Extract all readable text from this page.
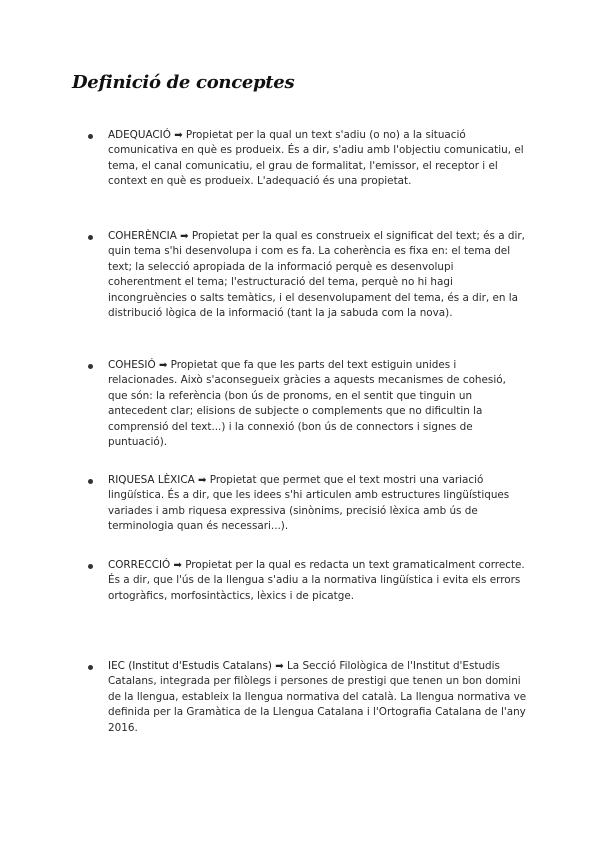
Definició de conceptes

ADEQUACIÓ ➡ Propietat per la qual un text s'adiu (o no) a la situació comunicativa en què es produeix. És a dir, s'adiu amb l'objectiu comunicatiu, el tema, el canal comunicatiu, el grau de formalitat, l'emissor, el receptor i el context en què es produeix. L'adequació és una propietat.

COHERÈNCIA ➡ Propietat per la qual es construeix el significat del text; és a dir, quin tema s'hi desenvolupa i com es fa. La coherència es fixa en: el tema del text; la selecció apropiada de la informació perquè es desenvolupi coherentment el tema; l'estructuració del tema, perquè no hi hagi incongruències o salts temàtics, i el desenvolupament del tema, és a dir, en la distribució lògica de la informació (tant la ja sabuda com la nova).

COHESIÓ ➡ Propietat que fa que les parts del text estiguin unides i relacionades. Això s'aconsegueix gràcies a aquests mecanismes de cohesió, que són: la referència (bon ús de pronoms, en el sentit que tinguin un antecedent clar; elisions de subjecte o complements que no dificultin la comprensió del text...) i la connexió (bon ús de connectors i signes de puntuació).

RIQUESA LÈXICA ➡ Propietat que permet que el text mostri una variació lingüística. És a dir, que les idees s'hi articulen amb estructures lingüístiques variades i amb riquesa expressiva (sinònims, precisió lèxica amb ús de terminologia quan és necessari...).

CORRECCIÓ ➡ Propietat per la qual es redacta un text gramaticalment correcte. És a dir, que l'ús de la llengua s'adiu a la normativa lingüística i evita els errors ortogràfics, morfosintàctics, lèxics i de picatge.

IEC (Institut d'Estudis Catalans) ➡ La Secció Filològica de l'Institut d'Estudis Catalans, integrada per filòlegs i persones de prestigi que tenen un bon domini de la llengua, estableix la llengua normativa del català. La llengua normativa ve definida per la Gramàtica de la Llengua Catalana i l'Ortografia Catalana de l'any 2016.
